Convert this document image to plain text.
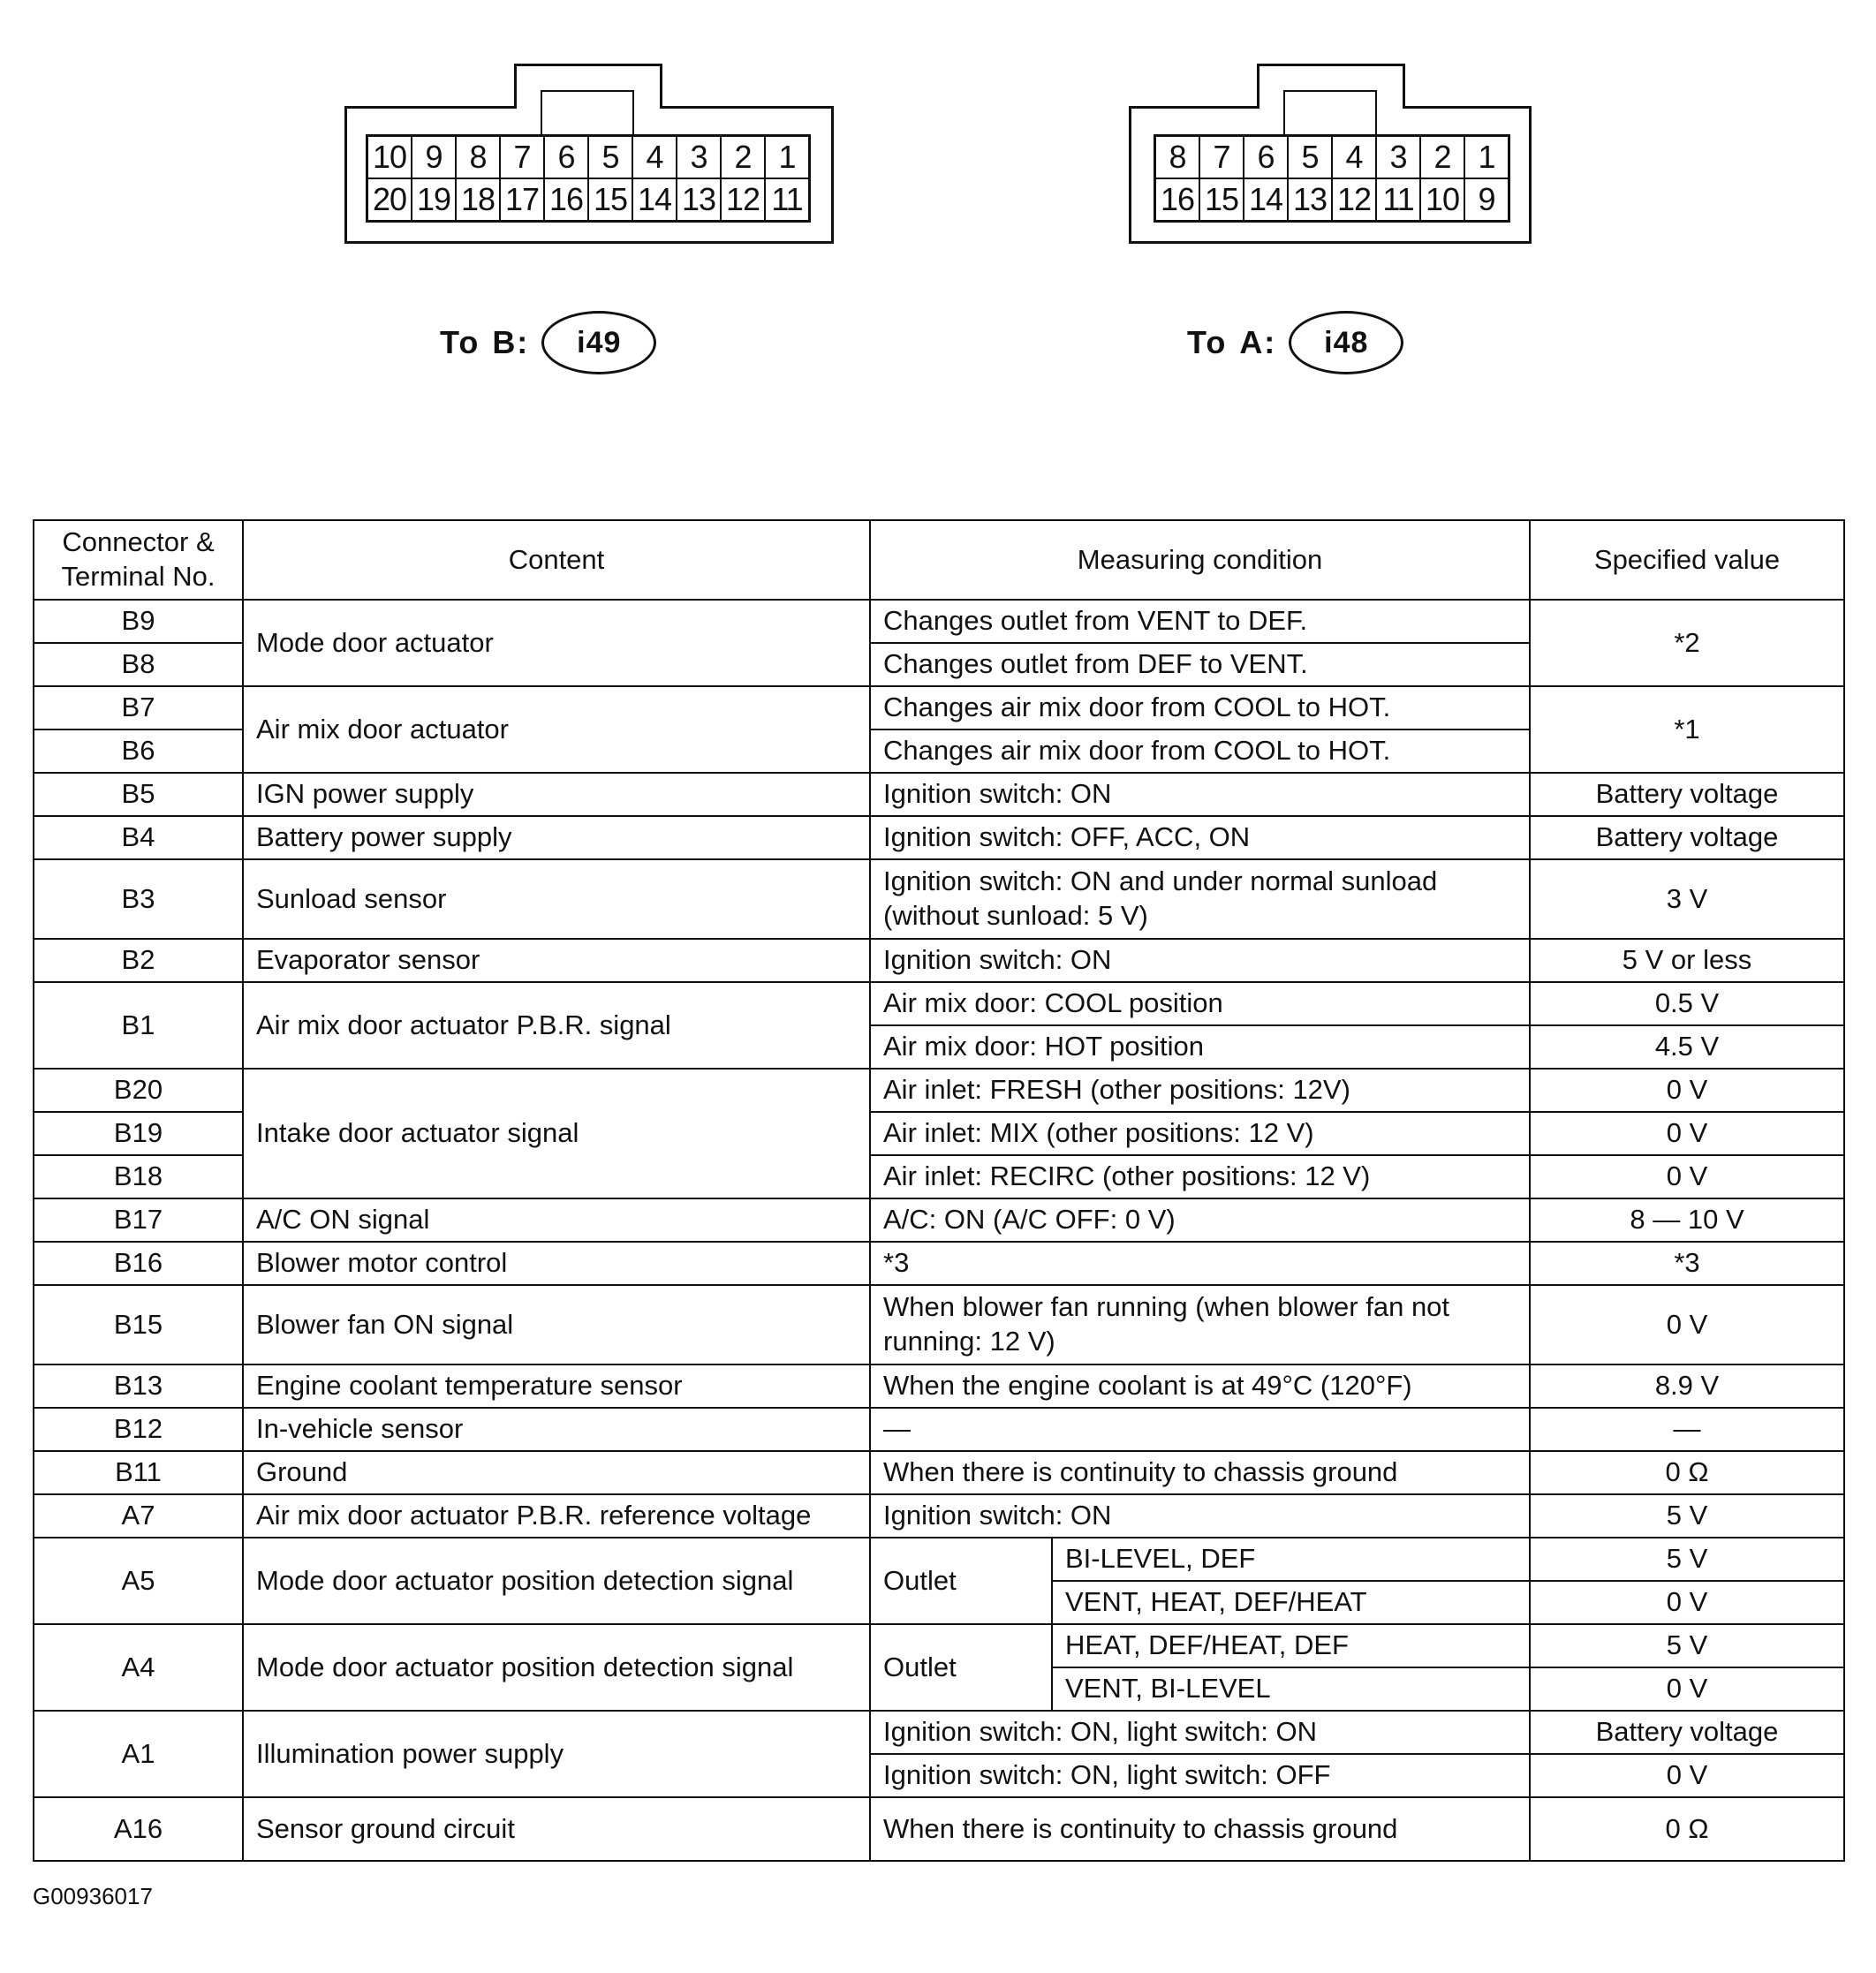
10 9 8 7 6 5 4 3 2 1
20 19 18 17 16 15 14 13 12 11
To B:	i49
8 7 6 5 4 3 2 1
16 15 14 13 12 11 10 9
To A:	i48
Connector & Terminal No.	Content	Measuring condition		Specified value
B9	Mode door actuator	Changes outlet from VENT to DEF.		*2
B8		Changes outlet from DEF to VENT.		
B7	Air mix door actuator	Changes air mix door from COOL to HOT.		*1
B6		Changes air mix door from COOL to HOT.		
B5	IGN power supply	Ignition switch: ON		Battery voltage
B4	Battery power supply	Ignition switch: OFF, ACC, ON		Battery voltage
B3	Sunload sensor	Ignition switch: ON and under normal sunload (without sunload: 5 V)		3 V
B2	Evaporator sensor	Ignition switch: ON		5 V or less
B1	Air mix door actuator P.B.R. signal	Air mix door: COOL position		0.5 V
		Air mix door: HOT position		4.5 V
B20	Intake door actuator signal	Air inlet: FRESH (other positions: 12V)		0 V
B19		Air inlet: MIX (other positions: 12 V)		0 V
B18		Air inlet: RECIRC (other positions: 12 V)		0 V
B17	A/C ON signal	A/C: ON (A/C OFF: 0 V)		8 — 10 V
B16	Blower motor control	*3		*3
B15	Blower fan ON signal	When blower fan running (when blower fan not running: 12 V)		0 V
B13	Engine coolant temperature sensor	When the engine coolant is at 49°C (120°F)		8.9 V
B12	In-vehicle sensor	—		—
B11	Ground	When there is continuity to chassis ground		0 Ω
A7	Air mix door actuator P.B.R. reference voltage	Ignition switch: ON		5 V
A5	Mode door actuator position detection signal	Outlet	BI-LEVEL, DEF	5 V
			VENT, HEAT, DEF/HEAT	0 V
A4	Mode door actuator position detection signal	Outlet	HEAT, DEF/HEAT, DEF	5 V
			VENT, BI-LEVEL	0 V
A1	Illumination power supply	Ignition switch: ON, light switch: ON		Battery voltage
		Ignition switch: ON, light switch: OFF		0 V
A16	Sensor ground circuit	When there is continuity to chassis ground		0 Ω
G00936017
